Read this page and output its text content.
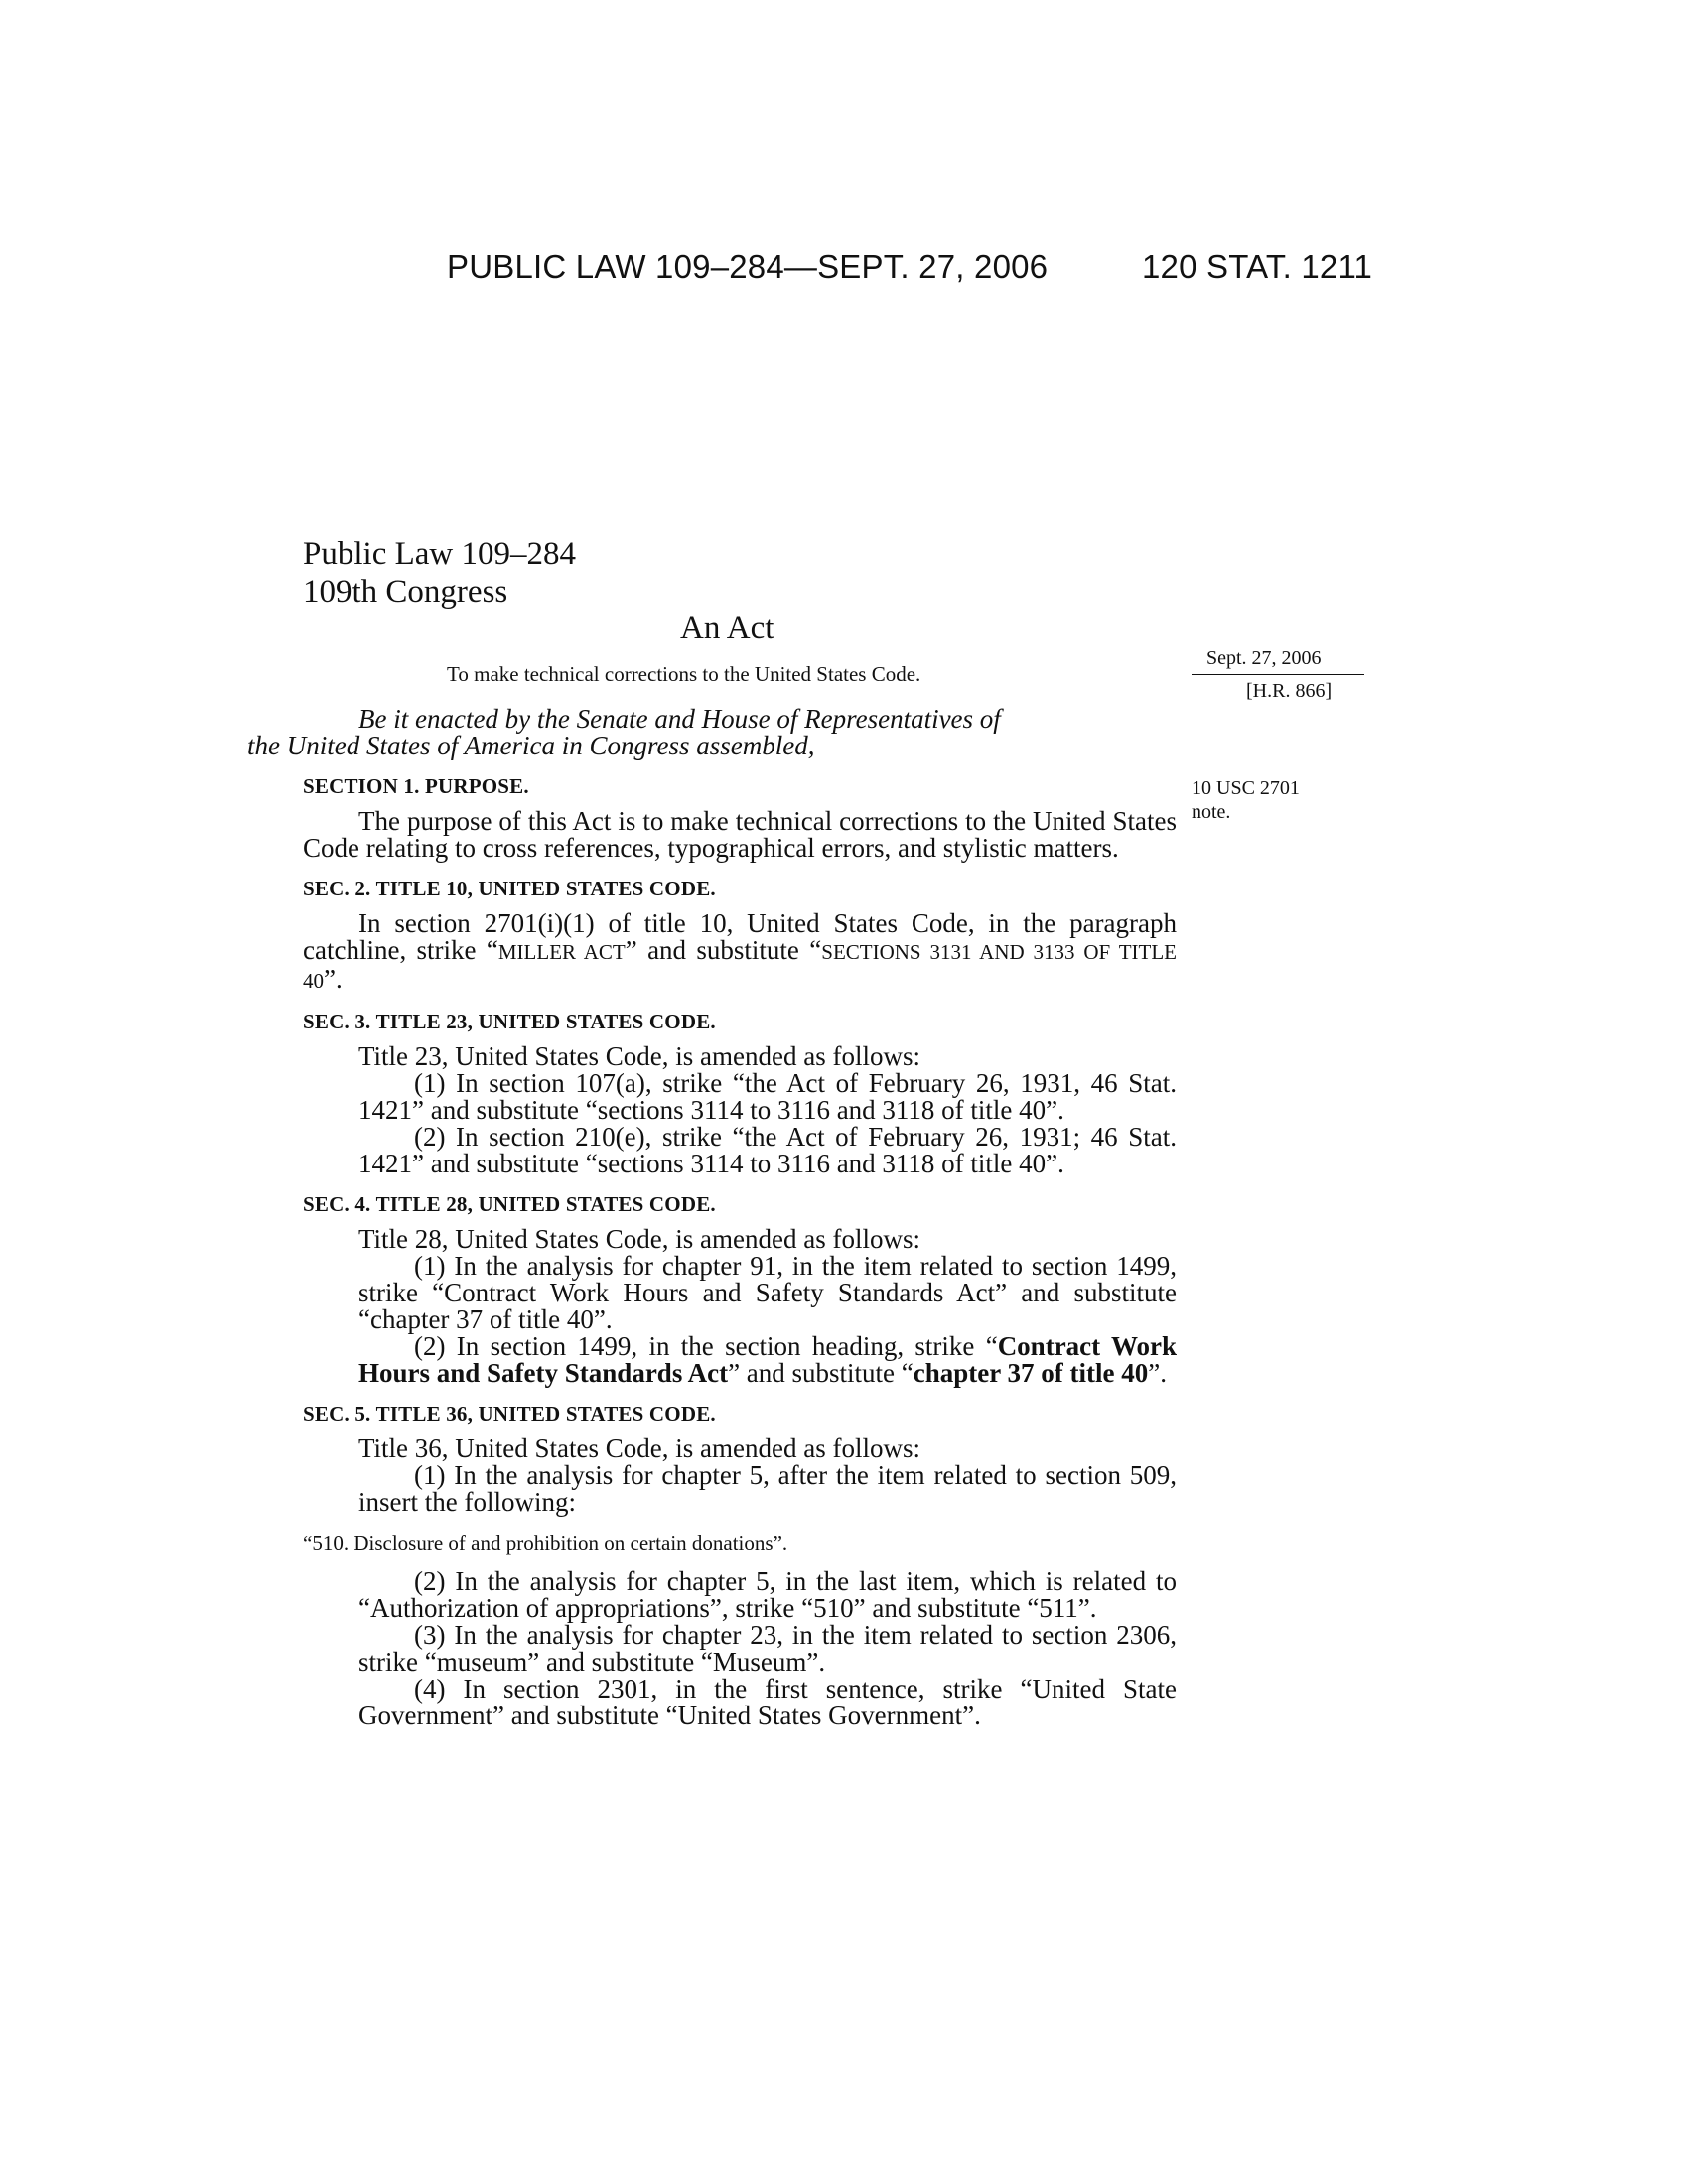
PUBLIC LAW 109–284—SEPT. 27, 2006	120 STAT. 1211
Public Law 109–284
109th Congress
An Act
To make technical corrections to the United States Code.
Sept. 27, 2006
[H.R. 866]
10 USC 2701
note.

Be it enacted by the Senate and House of Representatives of
the United States of America in Congress assembled,

SECTION 1. PURPOSE.

The purpose of this Act is to make technical corrections to the United States Code relating to cross references, typographical errors, and stylistic matters.

SEC. 2. TITLE 10, UNITED STATES CODE.

In section 2701(i)(1) of title 10, United States Code, in the paragraph catchline, strike “MILLER ACT” and substitute “SECTIONS 3131 AND 3133 OF TITLE 40”.

SEC. 3. TITLE 23, UNITED STATES CODE.

Title 23, United States Code, is amended as follows:

(1) In section 107(a), strike “the Act of February 26, 1931, 46 Stat. 1421” and substitute “sections 3114 to 3116 and 3118 of title 40”.

(2) In section 210(e), strike “the Act of February 26, 1931; 46 Stat. 1421” and substitute “sections 3114 to 3116 and 3118 of title 40”.

SEC. 4. TITLE 28, UNITED STATES CODE.

Title 28, United States Code, is amended as follows:

(1) In the analysis for chapter 91, in the item related to section 1499, strike “Contract Work Hours and Safety Standards Act” and substitute “chapter 37 of title 40”.

(2) In section 1499, in the section heading, strike “Contract Work Hours and Safety Standards Act” and substitute “chapter 37 of title 40”.

SEC. 5. TITLE 36, UNITED STATES CODE.

Title 36, United States Code, is amended as follows:

(1) In the analysis for chapter 5, after the item related to section 509, insert the following:

“510. Disclosure of and prohibition on certain donations”.

(2) In the analysis for chapter 5, in the last item, which is related to “Authorization of appropriations”, strike “510” and substitute “511”.

(3) In the analysis for chapter 23, in the item related to section 2306, strike “museum” and substitute “Museum”.

(4) In section 2301, in the first sentence, strike “United State Government” and substitute “United States Government”.
